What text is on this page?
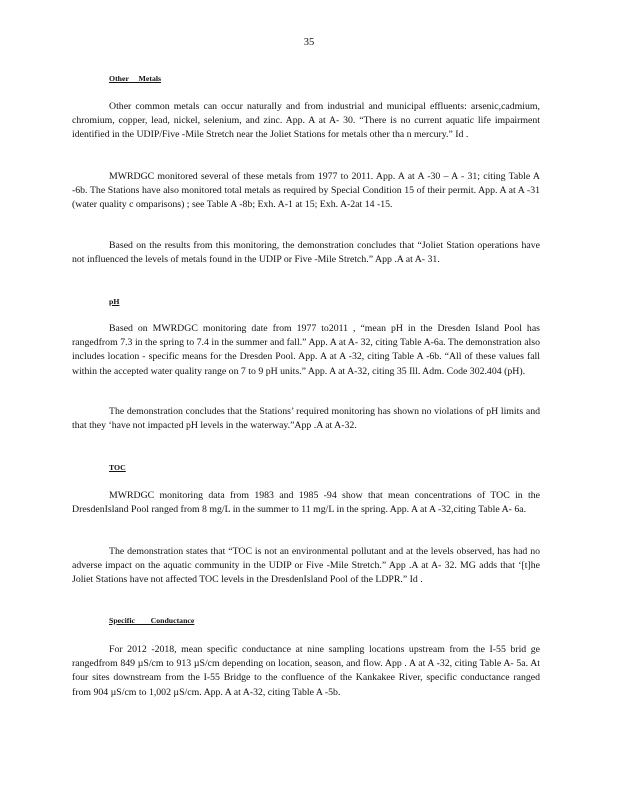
35
Other     Metals

Other common metals can occur naturally and from industrial and municipal effluents: arsenic,cadmium, chromium, copper, lead, nickel, selenium, and zinc. App. A at A- 30. “There is no current aquatic life impairment identified in the UDIP/Five -Mile Stretch near the Joliet Stations for metals other tha n mercury.” Id .

MWRDGC monitored several of these metals from 1977 to 2011. App. A at A -30 – A - 31; citing Table A -6b. The Stations have also monitored total metals as required by Special Condition 15 of their permit. App. A at A -31 (water quality c omparisons) ; see Table A -8b; Exh. A-1 at 15; Exh. A-2at 14 -15.

Based on the results from this monitoring, the demonstration concludes that “Joliet Station operations have not influenced the levels of metals found in the UDIP or Five -Mile Stretch.” App .A at A- 31.

pH

Based on MWRDGC monitoring date from 1977 to2011 , “mean pH in the Dresden Island Pool has rangedfrom 7.3 in the spring to 7.4 in the summer and fall.” App. A at A- 32, citing Table A-6a. The demonstration also includes location - specific means for the Dresden Pool. App. A at A -32, citing Table A -6b. “All of these values fall within the accepted water quality range on 7 to 9 pH units.” App. A at A-32, citing 35 Ill. Adm. Code 302.404 (pH).

The demonstration concludes that the Stations’ required monitoring has shown no violations of pH limits and that they ‘have not impacted pH levels in the waterway.”App .A at A-32.

TOC

MWRDGC monitoring data from 1983 and 1985 -94 show that mean concentrations of TOC in the DresdenIsland Pool ranged from 8 mg/L in the summer to 11 mg/L in the spring. App. A at A -32,citing Table A- 6a.

The demonstration states that “TOC is not an environmental pollutant and at the levels observed, has had no adverse impact on the aquatic community in the UDIP or Five -Mile Stretch.” App .A at A- 32. MG adds that ‘[t]he Joliet Stations have not affected TOC levels in the DresdenIsland Pool of the LDPR.” Id .

Specific        Conductance

For 2012 -2018, mean specific conductance at nine sampling locations upstream from the I-55 brid ge rangedfrom 849 µS/cm to 913 µS/cm depending on location, season, and flow. App . A at A -32, citing Table A- 5a. At four sites downstream from the I-55 Bridge to the confluence of the Kankakee River, specific conductance ranged from 904 µS/cm to 1,002 µS/cm. App. A at A-32, citing Table A -5b.
